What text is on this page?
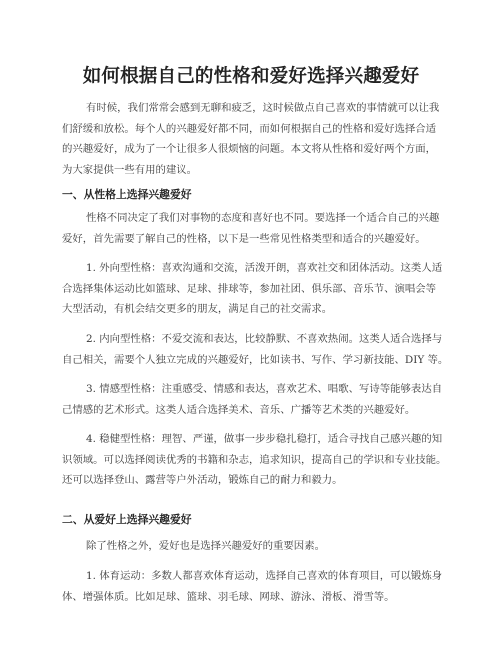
如何根据自己的性格和爱好选择兴趣爱好
有时候，我们常常会感到无聊和疲乏，这时候做点自己喜欢的事情就可以让我
们舒缓和放松。每个人的兴趣爱好都不同，而如何根据自己的性格和爱好选择合适
的兴趣爱好，成为了一个让很多人很烦恼的问题。本文将从性格和爱好两个方面，
为大家提供一些有用的建议。
一、从性格上选择兴趣爱好
性格不同决定了我们对事物的态度和喜好也不同。要选择一个适合自己的兴趣
爱好，首先需要了解自己的性格，以下是一些常见性格类型和适合的兴趣爱好。
1. 外向型性格：喜欢沟通和交流，活泼开朗，喜欢社交和团体活动。这类人适
合选择集体运动比如篮球、足球、排球等，参加社团、俱乐部、音乐节、演唱会等
大型活动，有机会结交更多的朋友，满足自己的社交需求。
2. 内向型性格：不爱交流和表达，比较静默、不喜欢热闹。这类人适合选择与
自己相关，需要个人独立完成的兴趣爱好，比如读书、写作、学习新技能、DIY 等。
3. 情感型性格：注重感受、情感和表达，喜欢艺术、唱歌、写诗等能够表达自
己情感的艺术形式。这类人适合选择美术、音乐、广播等艺术类的兴趣爱好。
4. 稳健型性格：理智、严谨，做事一步步稳扎稳打，适合寻找自己感兴趣的知
识领域。可以选择阅读优秀的书籍和杂志，追求知识，提高自己的学识和专业技能。
还可以选择登山、露营等户外活动，锻炼自己的耐力和毅力。
二、从爱好上选择兴趣爱好
除了性格之外，爱好也是选择兴趣爱好的重要因素。
1. 体育运动：多数人都喜欢体育运动，选择自己喜欢的体育项目，可以锻炼身
体、增强体质。比如足球、篮球、羽毛球、网球、游泳、滑板、滑雪等。
